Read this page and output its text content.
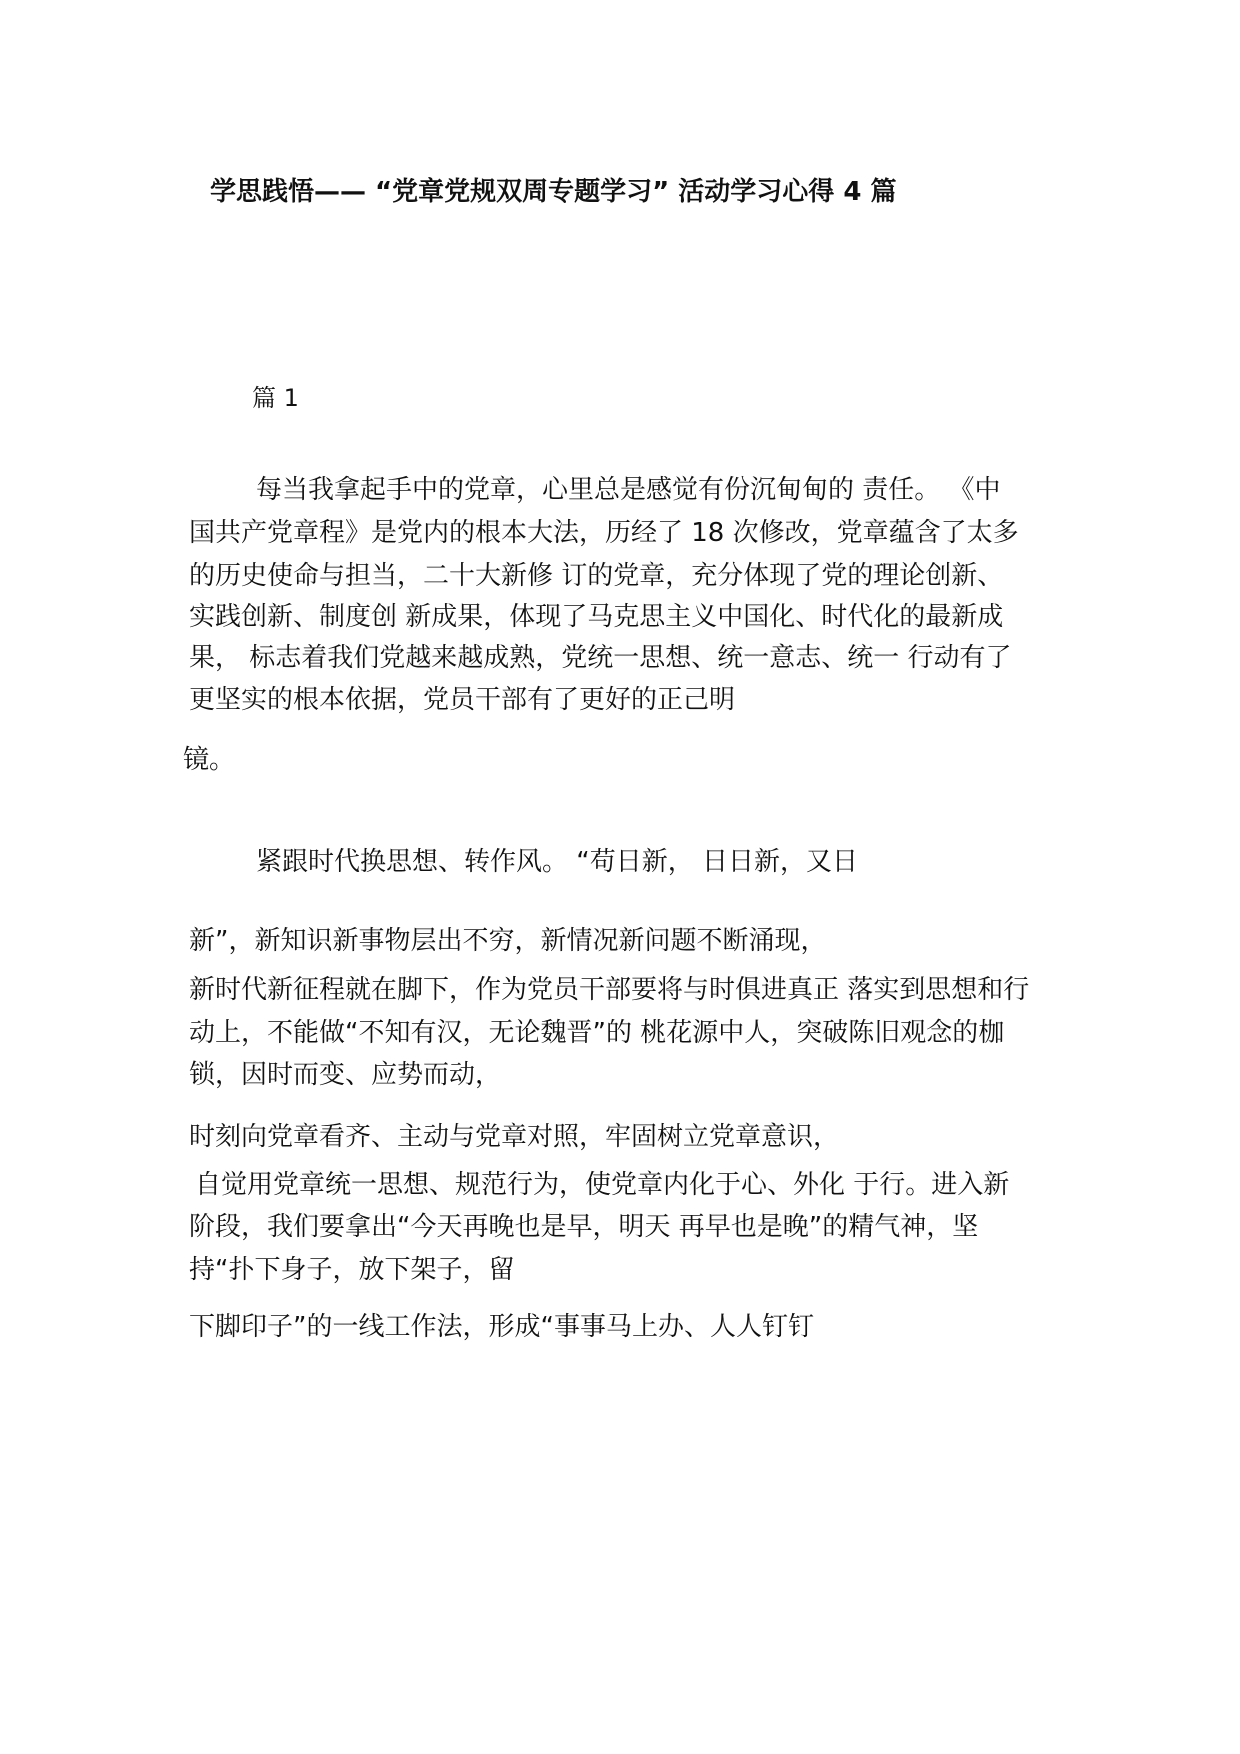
学思践悟—— “党章党规双周专题学习” 活动学习心得 4 篇
篇 1
每当我拿起手中的党章，心里总是感觉有份沉甸甸的 责任。 《中
国共产党章程》是党内的根本大法，历经了 18 次修改，党章蕴含了太多
的历史使命与担当，二十大新修 订的党章，充分体现了党的理论创新、
实践创新、制度创 新成果，体现了马克思主义中国化、时代化的最新成
果， 标志着我们党越来越成熟，党统一思想、统一意志、统一 行动有了
更坚实的根本依据，党员干部有了更好的正己明
镜。
紧跟时代换思想、转作风。 “苟日新， 日日新，又日
新”，新知识新事物层出不穷，新情况新问题不断涌现，
新时代新征程就在脚下，作为党员干部要将与时俱进真正 落实到思想和行
动上，不能做“不知有汉，无论魏晋”的 桃花源中人，突破陈旧观念的枷
锁，因时而变、应势而动，
时刻向党章看齐、主动与党章对照，牢固树立党章意识，
自觉用党章统一思想、规范行为，使党章内化于心、外化 于行。进入新
阶段，我们要拿出“今天再晚也是早，明天 再早也是晚”的精气神，坚
持“扑下身子，放下架子，留
下脚印子”的一线工作法，形成“事事马上办、人人钉钉
